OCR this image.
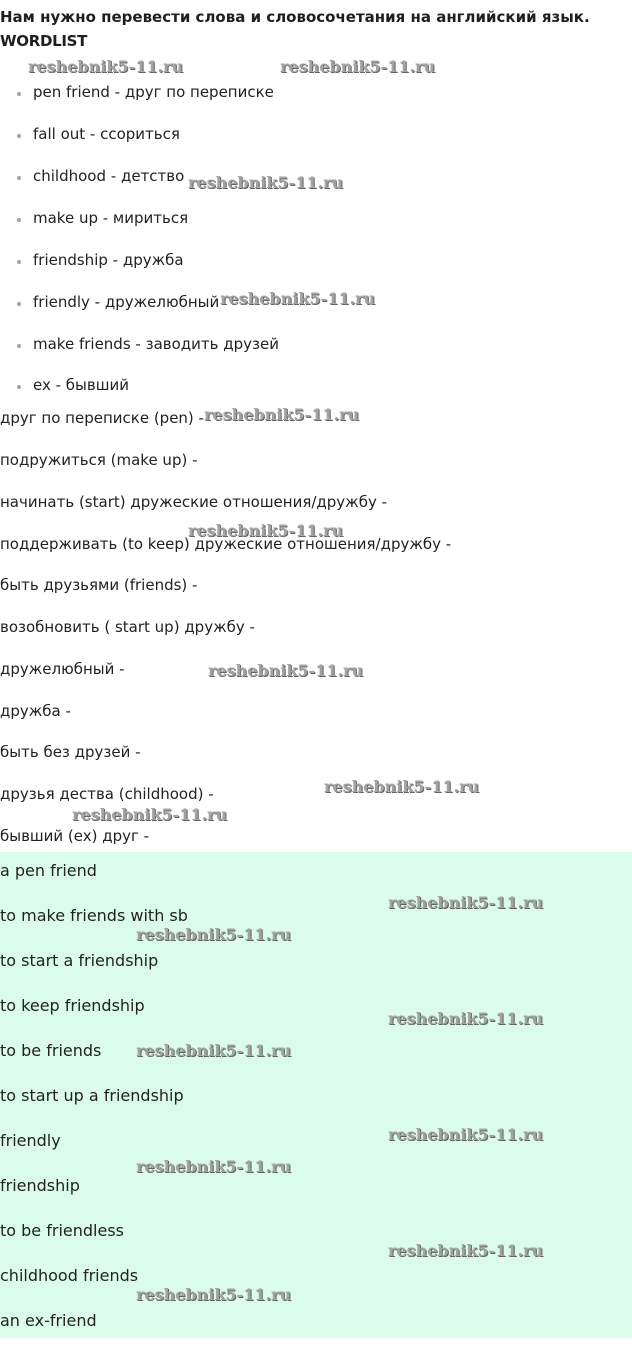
Нам нужно перевести слова и словосочетания на английский язык.
WORDLIST
pen friend - друг по переписке
fall out - ссориться
childhood - детство
make up - мириться
friendship - дружба
friendly - дружелюбный
make friends - заводить друзей
ex - бывший
друг по переписке (pen) -
подружиться (make up) -
начинать (start) дружеские отношения/дружбу -
поддерживать (to keep) дружеские отношения/дружбу -
быть друзьями (friends) -
возобновить ( start up) дружбу -
дружелюбный -
дружба -
быть без друзей -
друзья дества (childhood) -
бывший (ex) друг -
a pen friend
to make friends with sb
to start a friendship
to keep friendship
to be friends
to start up a friendship
friendly
friendship
to be friendless
childhood friends
an ex-friend
reshebnik5-11.ru	reshebnik5-11.ru
reshebnik5-11.ru
reshebnik5-11.ru
reshebnik5-11.ru
reshebnik5-11.ru
reshebnik5-11.ru
reshebnik5-11.ru
reshebnik5-11.ru
reshebnik5-11.ru
reshebnik5-11.ru
reshebnik5-11.ru
reshebnik5-11.ru
reshebnik5-11.ru
reshebnik5-11.ru
reshebnik5-11.ru
reshebnik5-11.ru
